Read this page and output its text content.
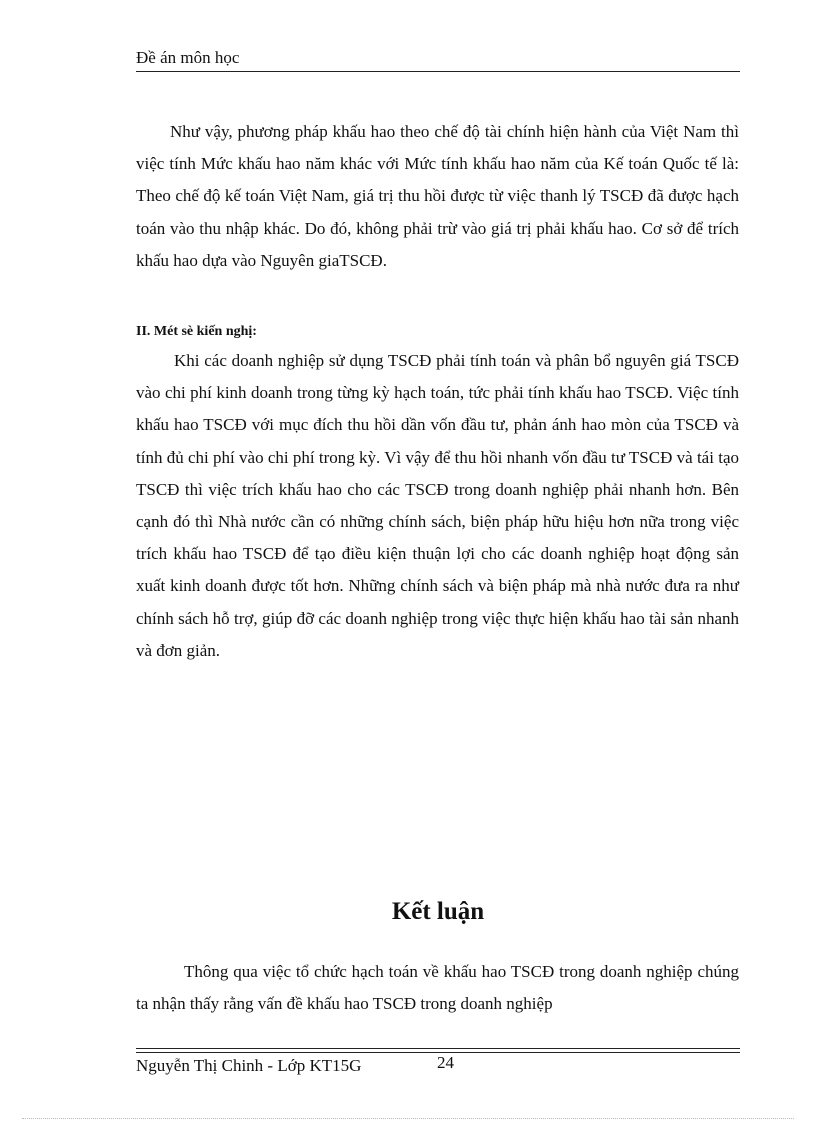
Đề án môn học

Như vậy, phương pháp khấu hao theo chế độ tài chính hiện hành của Việt Nam thì việc tính Mức khấu hao năm khác với Mức tính khấu hao năm của Kế toán Quốc tế là: Theo chế độ kế toán Việt Nam, giá trị thu hồi được từ việc thanh lý TSCĐ đã được hạch toán vào thu nhập khác. Do đó, không phải trừ vào giá trị phải khấu hao. Cơ sở để trích khấu hao dựa vào Nguyên giaTSCĐ.

II. Mét sè kiến nghị:

Khi các doanh nghiệp sử dụng TSCĐ phải tính toán và phân bổ nguyên giá TSCĐ vào chi phí kinh doanh trong từng kỳ hạch toán, tức phải tính khấu hao TSCĐ. Việc tính khấu hao TSCĐ với mục đích thu hồi dần vốn đầu tư, phản ánh hao mòn của TSCĐ và tính đủ chi phí vào chi phí trong kỳ. Vì vậy để thu hồi nhanh vốn đầu tư TSCĐ và tái tạo TSCĐ thì việc trích khấu hao cho các TSCĐ trong doanh nghiệp phải nhanh hơn. Bên cạnh đó thì Nhà nước cần có những chính sách, biện pháp hữu hiệu hơn nữa trong việc trích khấu hao TSCĐ để tạo điều kiện thuận lợi cho các doanh nghiệp hoạt động sản xuất kinh doanh được tốt hơn. Những chính sách và biện pháp mà nhà nước đưa ra như chính sách hỗ trợ, giúp đỡ các doanh nghiệp trong việc thực hiện khấu hao tài sản nhanh và đơn giản.

Kết luận

Thông qua việc tổ chức hạch toán về khấu hao TSCĐ trong doanh nghiệp chúng ta nhận thấy rằng vấn đề khấu hao TSCĐ trong doanh nghiệp

Nguyễn Thị Chinh - Lớp KT15G	24
